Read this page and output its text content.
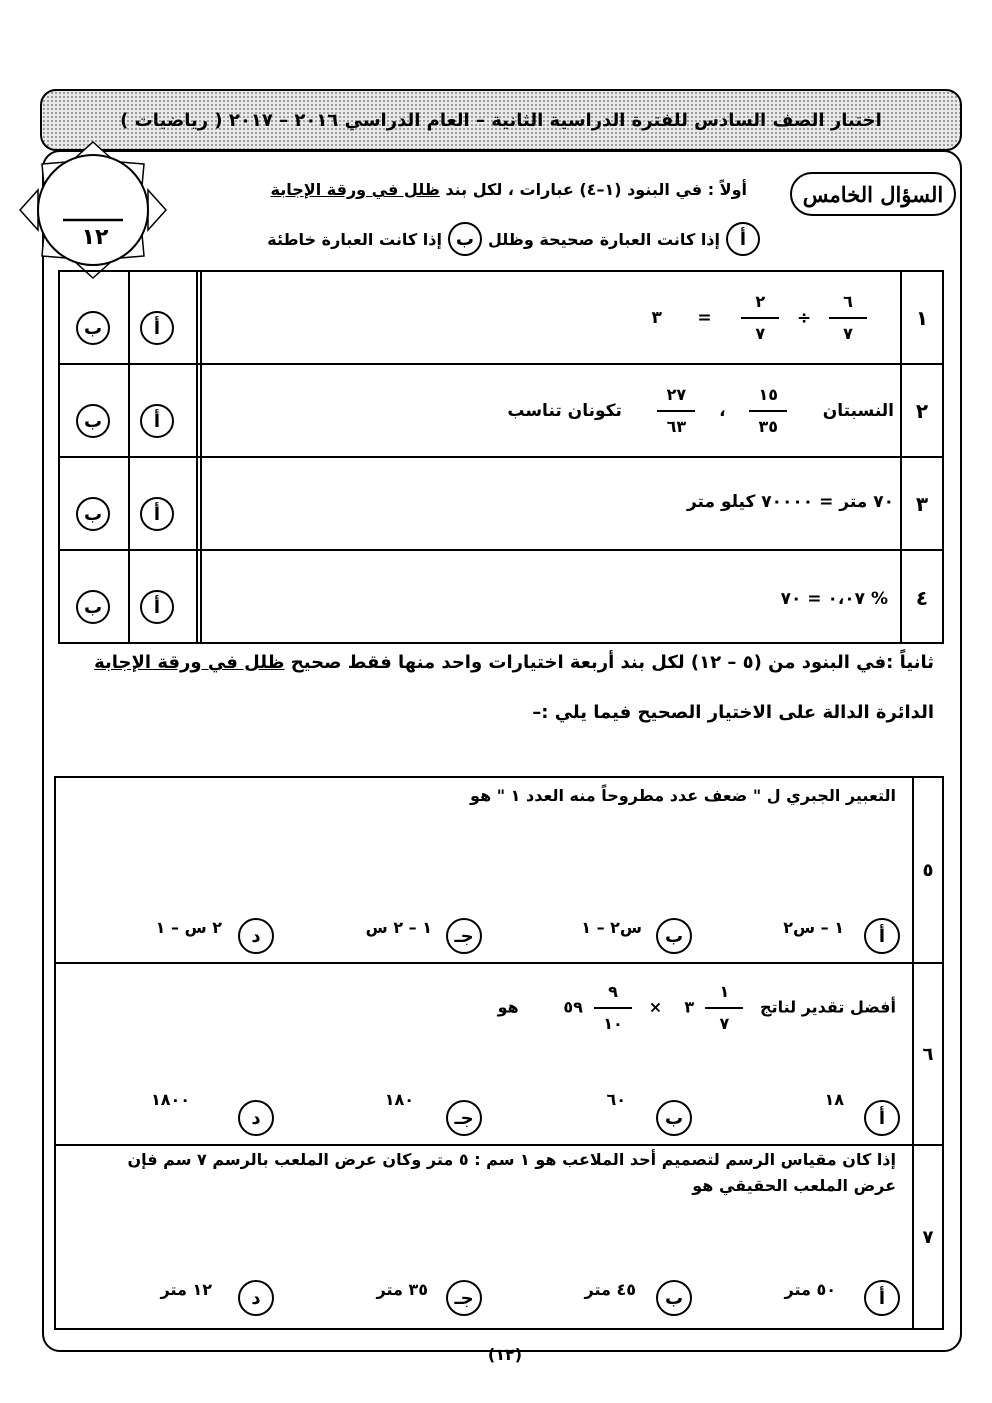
اختبار الصف السادس للفترة الدراسية الثانية – العام الدراسي ٢٠١٦ – ٢٠١٧ ( رياضيات )
١٢
السؤال الخامس
أولاً : في البنود (١–٤) عبارات ، لكل بند ظلل في ورقة الإجابة
أ
إذا كانت العبارة صحيحة وظلل
ب
إذا كانت العبارة خاطئة
١
$\frac{٦}{٧}$
÷
$\frac{٢}{٧}$
=      ٣
أ
ب
٢
النسبتان
$\frac{١٥}{٣٥}$
،
$\frac{٢٧}{٦٣}$
تكونان تناسب
أ
ب
٣
٧٠ متر = ٧٠٠٠٠ كيلو متر
أ
ب
٤
٠،٠٧ = ٧٠ %
أ
ب
ثانياً :في البنود من (٥ – ١٢) لكل بند أربعة اختيارات واحد منها فقط صحيح ظلل في ورقة الإجابة
الدائرة الدالة على الاختيار الصحيح فيما يلي :–
٥
التعبير الجبري ل " ضعف عدد مطروحاً منه العدد ١ " هو
أ
١ – س٢
ب
س٢ – ١
جـ
١ – ٢ س
د
٢ س – ١
٦
أفضل تقدير لناتج
$\frac{١}{٧}$
٣    ×
$\frac{٩}{١٠}$
٥٩        هو
أ
١٨
ب
٦٠
جـ
١٨٠
د
١٨٠٠
٧
إذا كان مقياس الرسم لتصميم أحد الملاعب هو ١ سم : ٥ متر وكان عرض الملعب بالرسم ٧ سم فإن
عرض الملعب الحقيقي هو
أ
٥٠ متر
ب
٤٥ متر
جـ
٣٥ متر
د
١٢ متر
(١٢)
